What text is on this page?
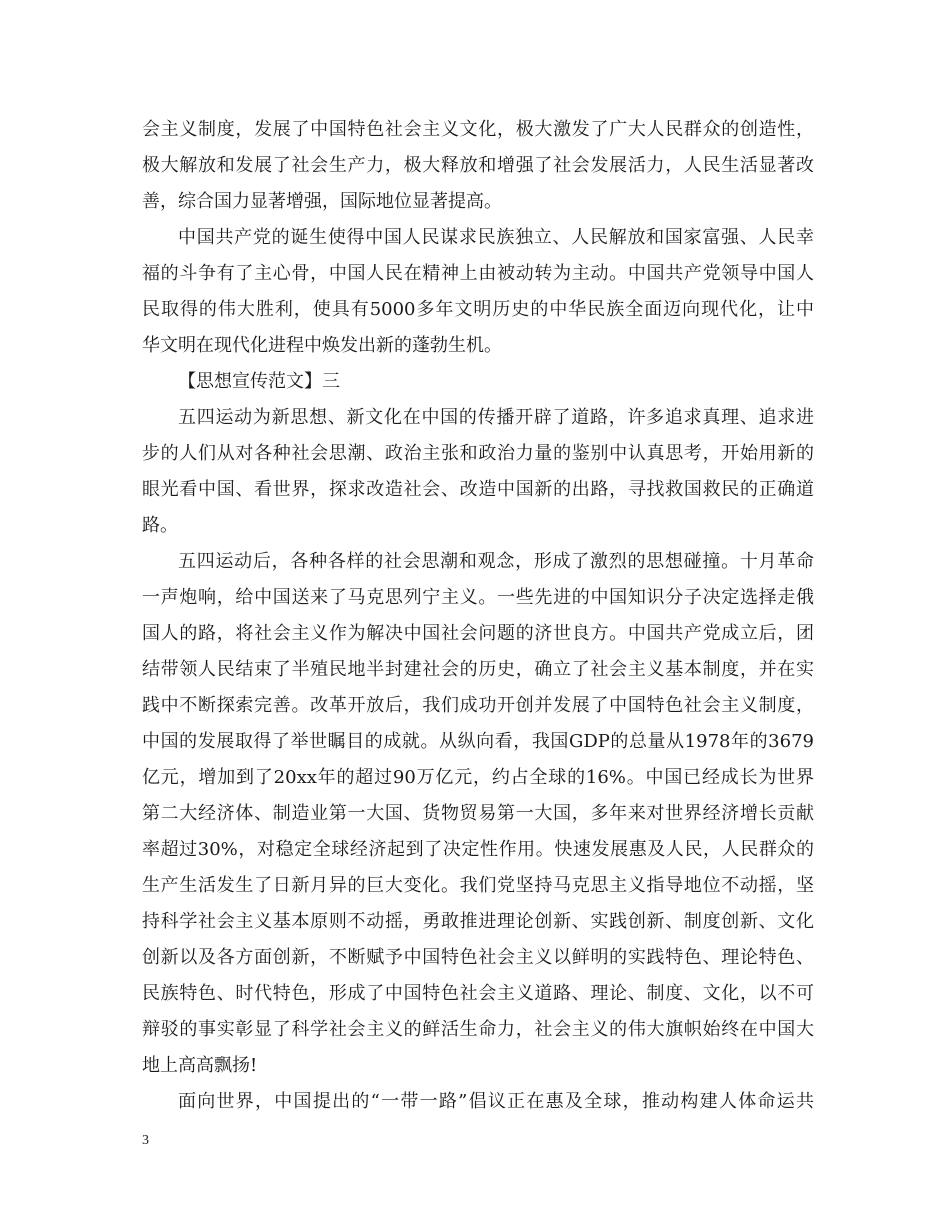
会主义制度，发展了中国特色社会主义文化，极大激发了广大人民群众的创造性，
极大解放和发展了社会生产力，极大释放和增强了社会发展活力，人民生活显著改
善，综合国力显著增强，国际地位显著提高。
中国共产党的诞生使得中国人民谋求民族独立、人民解放和国家富强、人民幸
福的斗争有了主心骨，中国人民在精神上由被动转为主动。中国共产党领导中国人
民取得的伟大胜利，使具有5000多年文明历史的中华民族全面迈向现代化，让中
华文明在现代化进程中焕发出新的蓬勃生机。
【思想宣传范文】三
五四运动为新思想、新文化在中国的传播开辟了道路，许多追求真理、追求进
步的人们从对各种社会思潮、政治主张和政治力量的鉴别中认真思考，开始用新的
眼光看中国、看世界，探求改造社会、改造中国新的出路，寻找救国救民的正确道
路。
五四运动后，各种各样的社会思潮和观念，形成了激烈的思想碰撞。十月革命
一声炮响，给中国送来了马克思列宁主义。一些先进的中国知识分子决定选择走俄
国人的路，将社会主义作为解决中国社会问题的济世良方。中国共产党成立后，团
结带领人民结束了半殖民地半封建社会的历史，确立了社会主义基本制度，并在实
践中不断探索完善。改革开放后，我们成功开创并发展了中国特色社会主义制度，
中国的发展取得了举世瞩目的成就。从纵向看，我国GDP的总量从1978年的3679
亿元，增加到了20xx年的超过90万亿元，约占全球的16%。中国已经成长为世界
第二大经济体、制造业第一大国、货物贸易第一大国，多年来对世界经济增长贡献
率超过30%，对稳定全球经济起到了决定性作用。快速发展惠及人民，人民群众的
生产生活发生了日新月异的巨大变化。我们党坚持马克思主义指导地位不动摇，坚
持科学社会主义基本原则不动摇，勇敢推进理论创新、实践创新、制度创新、文化
创新以及各方面创新，不断赋予中国特色社会主义以鲜明的实践特色、理论特色、
民族特色、时代特色，形成了中国特色社会主义道路、理论、制度、文化，以不可
辩驳的事实彰显了科学社会主义的鲜活生命力，社会主义的伟大旗帜始终在中国大
地上高高飘扬!
面向世界，中国提出的“一带一路”倡议正在惠及全球，推动构建人体命运共
3
